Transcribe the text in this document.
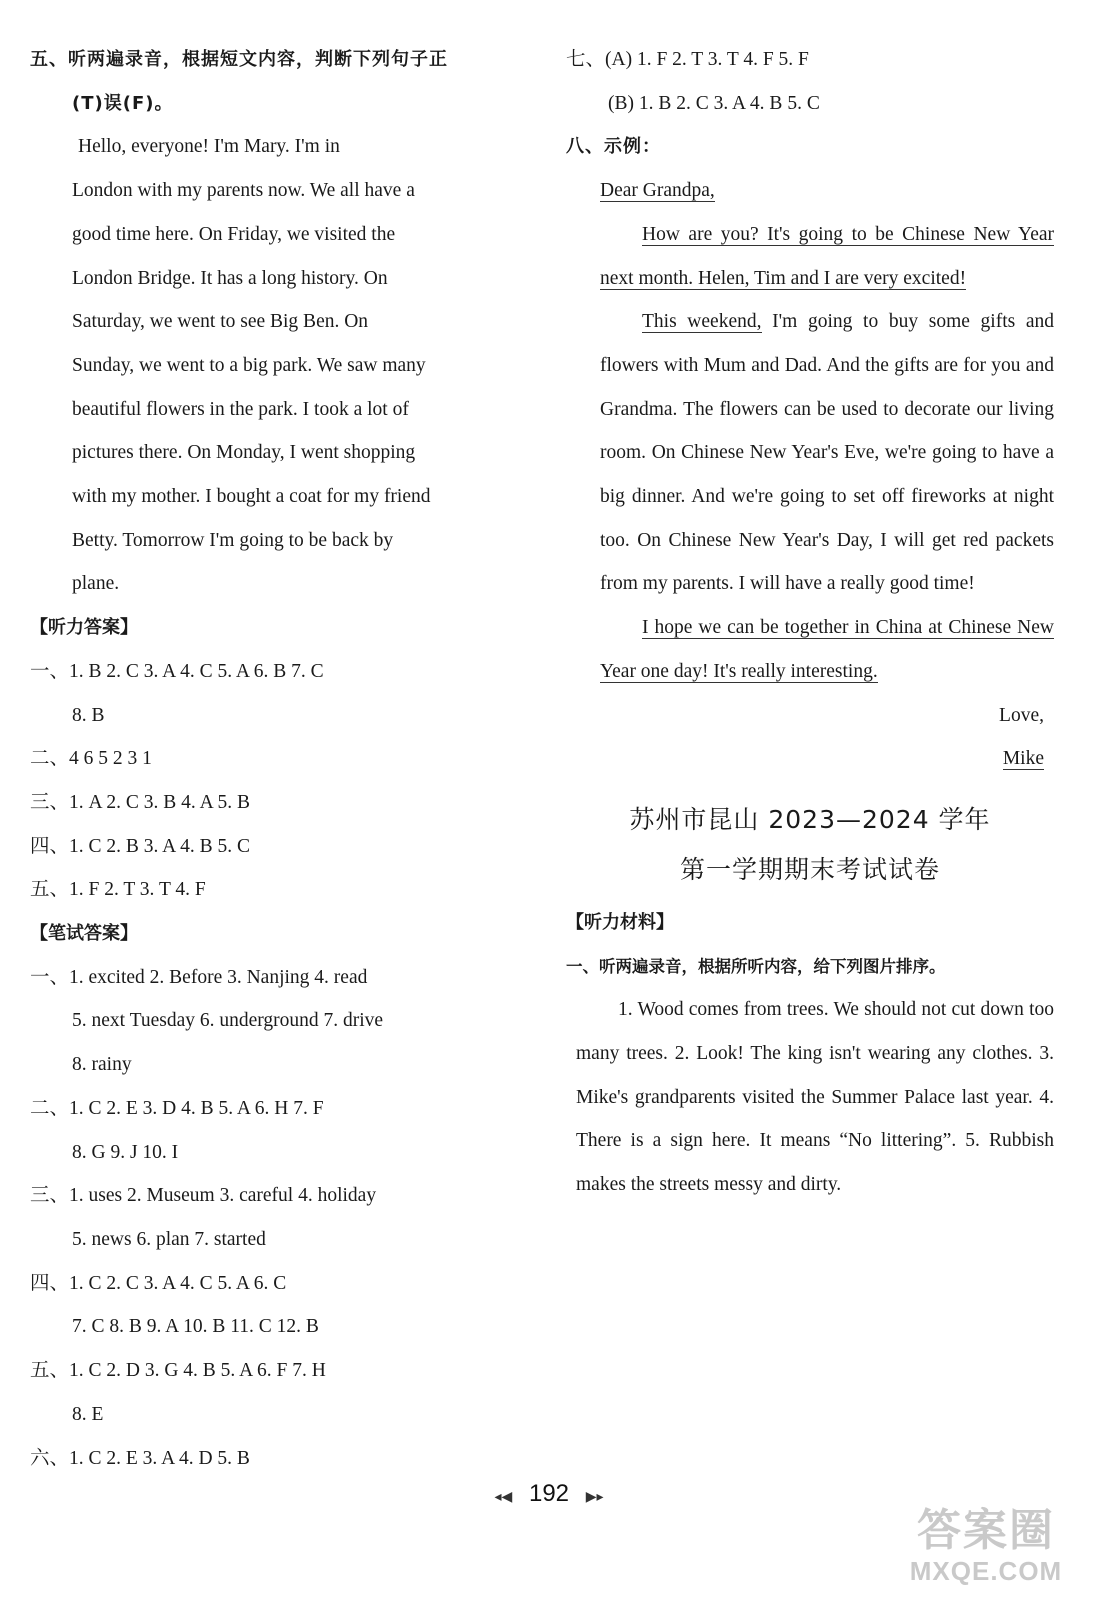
五、听两遍录音，根据短文内容，判断下列句子正
(T)误(F)。
Hello, everyone! I'm Mary. I'm in
London with my parents now. We all have a
good time here. On Friday, we visited the
London Bridge. It has a long history. On
Saturday, we went to see Big Ben. On
Sunday, we went to a big park. We saw many
beautiful flowers in the park. I took a lot of
pictures there. On Monday, I went shopping
with my mother. I bought a coat for my friend
Betty. Tomorrow I'm going to be back by
plane.
【听力答案】
一、1. B 2. C 3. A 4. C 5. A 6. B 7. C
8. B
二、4 6 5 2 3 1
三、1. A 2. C 3. B 4. A 5. B
四、1. C 2. B 3. A 4. B 5. C
五、1. F 2. T 3. T 4. F
【笔试答案】
一、1. excited 2. Before 3. Nanjing 4. read
5. next Tuesday 6. underground 7. drive
8. rainy
二、1. C 2. E 3. D 4. B 5. A 6. H 7. F
8. G 9. J 10. I
三、1. uses 2. Museum 3. careful 4. holiday
5. news 6. plan 7. started
四、1. C 2. C 3. A 4. C 5. A 6. C
7. C 8. B 9. A 10. B 11. C 12. B
五、1. C 2. D 3. G 4. B 5. A 6. F 7. H
8. E
六、1. C 2. E 3. A 4. D 5. B
七、(A) 1. F 2. T 3. T 4. F 5. F
(B) 1. B 2. C 3. A 4. B 5. C
八、示例：
Dear Grandpa,
How are you? It's going to be Chinese New Year next month. Helen, Tim and I are very excited!
This weekend, I'm going to buy some gifts and flowers with Mum and Dad. And the gifts are for you and Grandma. The flowers can be used to decorate our living room. On Chinese New Year's Eve, we're going to have a big dinner. And we're going to set off fireworks at night too. On Chinese New Year's Day, I will get red packets from my parents. I will have a really good time!
I hope we can be together in China at Chinese New Year one day! It's really interesting.
Love,
Mike
苏州市昆山 2023—2024 学年
第一学期期末考试试卷
【听力材料】
一、听两遍录音，根据所听内容，给下列图片排序。
1. Wood comes from trees. We should not cut down too many trees. 2. Look! The king isn't wearing any clothes. 3. Mike's grandparents visited the Summer Palace last year. 4. There is a sign here. It means “No littering”. 5. Rubbish makes the streets messy and dirty.
◂◀ 192 ▶▸
答案圈
MXQE.COM
